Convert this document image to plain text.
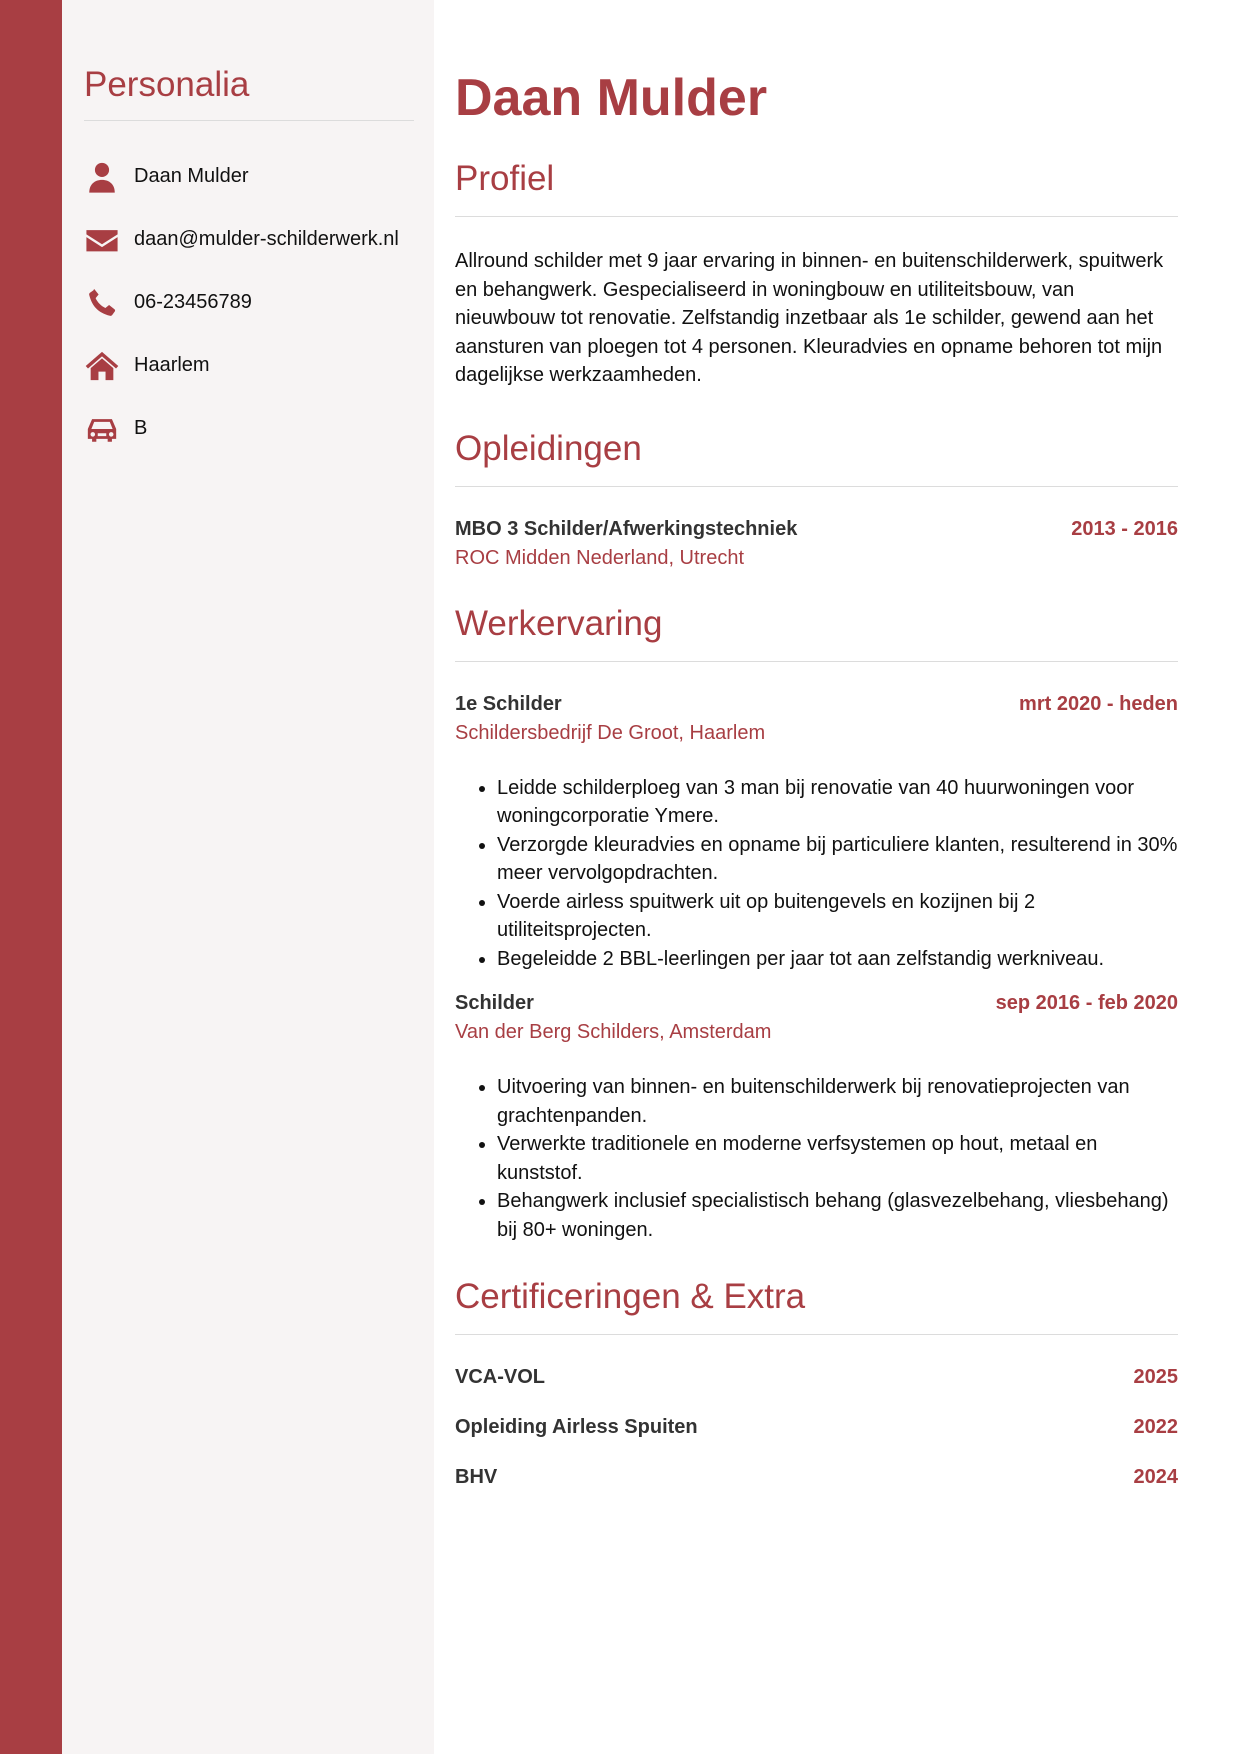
Personalia
Daan Mulder
daan@mulder-schilderwerk.nl
06-23456789
Haarlem
B
Daan Mulder
Profiel

Allround schilder met 9 jaar ervaring in binnen- en buitenschilderwerk, spuitwerk en behangwerk. Gespecialiseerd in woningbouw en utiliteitsbouw, van nieuwbouw tot renovatie. Zelfstandig inzetbaar als 1e schilder, gewend aan het aansturen van ploegen tot 4 personen. Kleuradvies en opname behoren tot mijn dagelijkse werkzaamheden.

Opleidingen
MBO 3 Schilder/Afwerkingstechniek	2013 - 2016
ROC Midden Nederland, Utrecht
Werkervaring
1e Schilder	mrt 2020 - heden
Schildersbedrijf De Groot, Haarlem
• Leidde schilderploeg van 3 man bij renovatie van 40 huurwoningen voor woningcorporatie Ymere.
• Verzorgde kleuradvies en opname bij particuliere klanten, resulterend in 30% meer vervolgopdrachten.
• Voerde airless spuitwerk uit op buitengevels en kozijnen bij 2 utiliteitsprojecten.
• Begeleidde 2 BBL-leerlingen per jaar tot aan zelfstandig werkniveau.
Schilder	sep 2016 - feb 2020
Van der Berg Schilders, Amsterdam
• Uitvoering van binnen- en buitenschilderwerk bij renovatieprojecten van grachtenpanden.
• Verwerkte traditionele en moderne verfsystemen op hout, metaal en kunststof.
• Behangwerk inclusief specialistisch behang (glasvezelbehang, vliesbehang) bij 80+ woningen.
Certificeringen & Extra
VCA-VOL	2025
Opleiding Airless Spuiten	2022
BHV	2024
